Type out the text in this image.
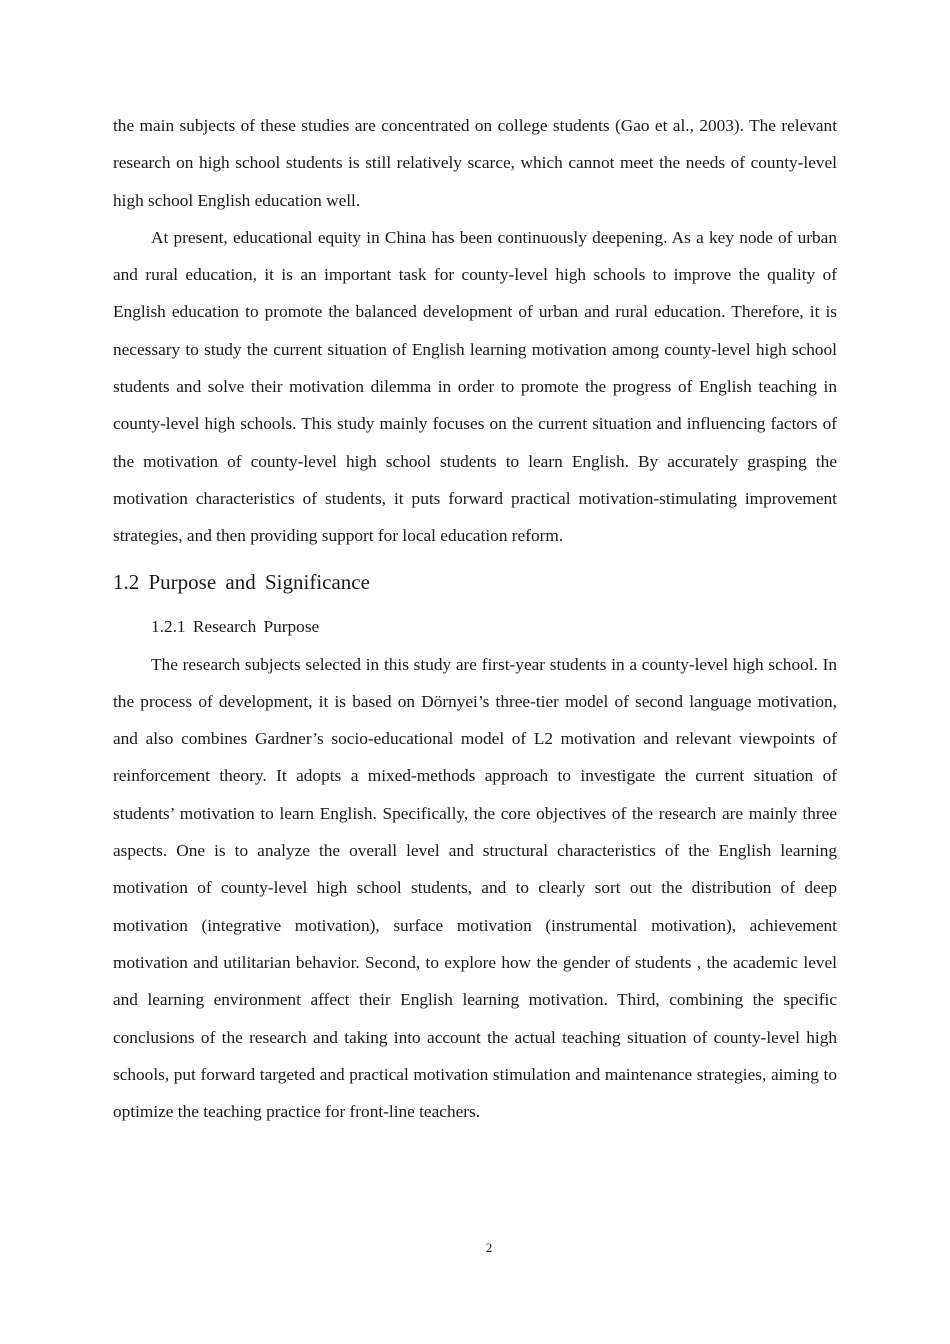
the main subjects of these studies are concentrated on college students (Gao et al., 2003). The relevant research on high school students is still relatively scarce, which cannot meet the needs of county-level high school English education well.

At present, educational equity in China has been continuously deepening. As a key node of urban and rural education, it is an important task for county-level high schools to improve the quality of English education to promote the balanced development of urban and rural education. Therefore, it is necessary to study the current situation of English learning motivation among county-level high school students and solve their motivation dilemma in order to promote the progress of English teaching in county-level high schools. This study mainly focuses on the current situation and influencing factors of the motivation of county-level high school students to learn English. By accurately grasping the motivation characteristics of students, it puts forward practical motivation-stimulating improvement strategies, and then providing support for local education reform.

1.2 Purpose and Significance
1.2.1 Research Purpose

The research subjects selected in this study are first-year students in a county-level high school. In the process of development, it is based on Dörnyei’s three-tier model of second language motivation, and also combines Gardner’s socio-educational model of L2 motivation and relevant viewpoints of reinforcement theory. It adopts a mixed-methods approach to investigate the current situation of students’ motivation to learn English. Specifically, the core objectives of the research are mainly three aspects. One is to analyze the overall level and structural characteristics of the English learning motivation of county-level high school students, and to clearly sort out the distribution of deep motivation (integrative motivation), surface motivation (instrumental motivation), achievement motivation and utilitarian behavior. Second, to explore how the gender of students , the academic level and learning environment affect their English learning motivation. Third, combining the specific conclusions of the research and taking into account the actual teaching situation of county-level high schools, put forward targeted and practical motivation stimulation and maintenance strategies, aiming to optimize the teaching practice for front-line teachers.

2
